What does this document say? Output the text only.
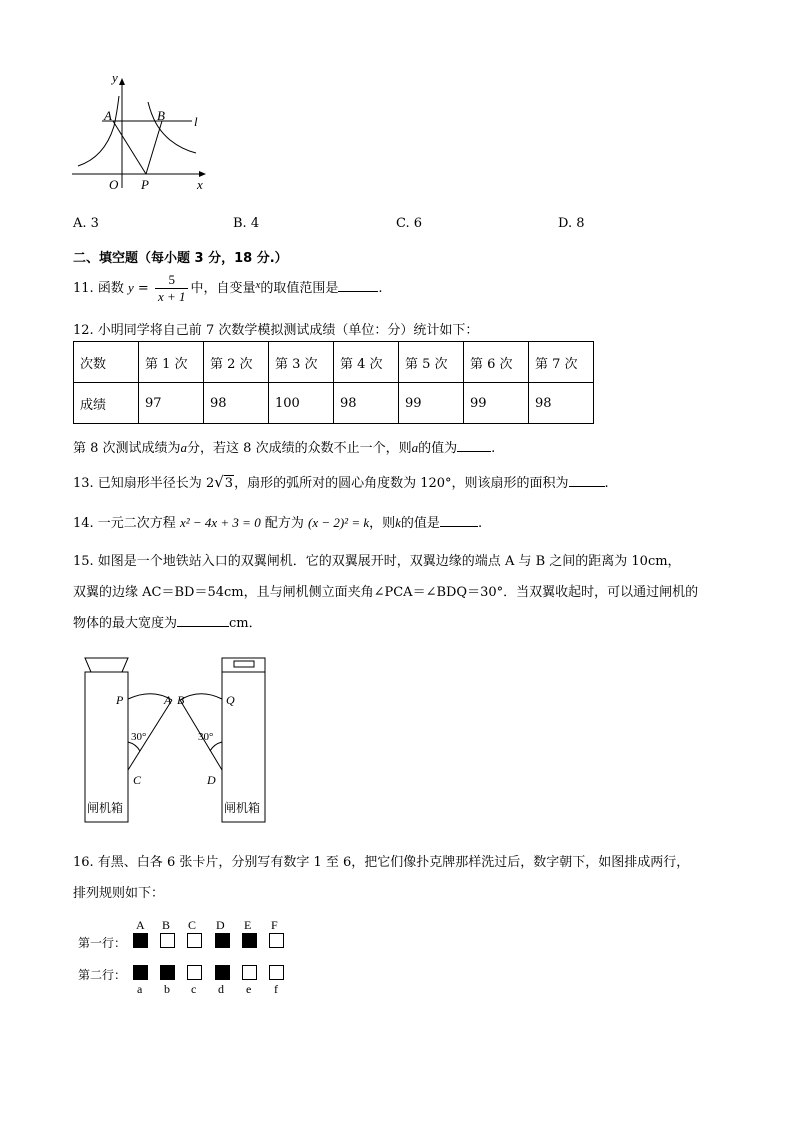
y
x
A	B l
O P
A. 3	B. 4	C. 6	D. 8
二、填空题（每小题 3 分，18 分.）
11. 函数 $y = \frac{5}{x + 1}$ 中，自变量$^x$的取值范围是	.
12. 小明同学将自己前 7 次数学模拟测试成绩（单位：分）统计如下：
次数	第 1 次	第 2 次	第 3 次	第 4 次	第 5 次	第 6 次	第 7 次
成绩	97	98	100	98	99	99	98
第 8 次测试成绩为a分，若这 8 次成绩的众数不止一个，则a的值为	.
13. 已知扇形半径长为 2√3，扇形的弧所对的圆心角度数为 120°，则该扇形的面积为	.
14. 一元二次方程 x² − 4x + 3 = 0 配方为 (x − 2)² = k，则k的值是	.
15. 如图是一个地铁站入口的双翼闸机．它的双翼展开时，双翼边缘的端点 A 与 B 之间的距离为 10cm，
双翼的边缘 AC＝BD＝54cm，且与闸机侧立面夹角∠PCA＝∠BDQ＝30°．当双翼收起时，可以通过闸机的
物体的最大宽度为	cm．
P	A B	Q
C	D
30°	30°
闸机箱	闸机箱
16. 有黑、白各 6 张卡片，分别写有数字 1 至 6，把它们像扑克牌那样洗过后，数字朝下，如图排成两行，
排列规则如下：
A B C D E F
第一行：
第二行：
a b c d e f
